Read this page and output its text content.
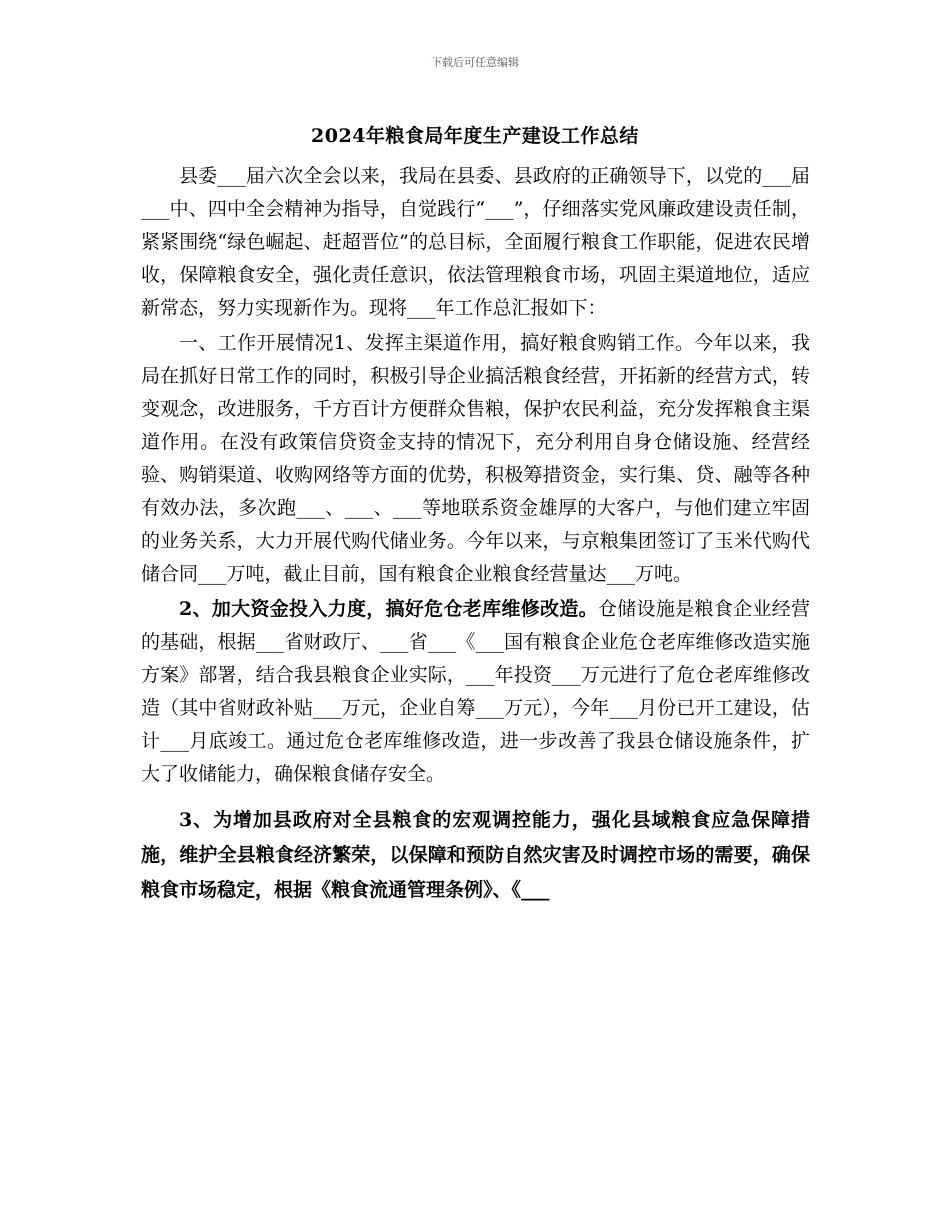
下载后可任意编辑
2024年粮食局年度生产建设工作总结

县委___届六次全会以来，我局在县委、县政府的正确领导下，以党的___届___中、四中全会精神为指导，自觉践行“___”，仔细落实党风廉政建设责任制，紧紧围绕“绿色崛起、赶超晋位”的总目标，全面履行粮食工作职能，促进农民增收，保障粮食安全，强化责任意识，依法管理粮食市场，巩固主渠道地位，适应新常态，努力实现新作为。现将___年工作总汇报如下：

一、工作开展情况1、发挥主渠道作用，搞好粮食购销工作。今年以来，我局在抓好日常工作的同时，积极引导企业搞活粮食经营，开拓新的经营方式，转变观念，改进服务，千方百计方便群众售粮，保护农民利益，充分发挥粮食主渠道作用。在没有政策信贷资金支持的情况下，充分利用自身仓储设施、经营经验、购销渠道、收购网络等方面的优势，积极筹措资金，实行集、贷、融等各种有效办法，多次跑___、___、___等地联系资金雄厚的大客户，与他们建立牢固的业务关系，大力开展代购代储业务。今年以来，与京粮集团签订了玉米代购代储合同___万吨，截止目前，国有粮食企业粮食经营量达___万吨。

2、加大资金投入力度，搞好危仓老库维修改造。仓储设施是粮食企业经营的基础，根据___省财政厅、___省___《___国有粮食企业危仓老库维修改造实施方案》部署，结合我县粮食企业实际，___年投资___万元进行了危仓老库维修改造（其中省财政补贴___万元，企业自筹___万元），今年___月份已开工建设，估计___月底竣工。通过危仓老库维修改造，进一步改善了我县仓储设施条件，扩大了收储能力，确保粮食储存安全。

3、为增加县政府对全县粮食的宏观调控能力，强化县域粮食应急保障措施，维护全县粮食经济繁荣，以保障和预防自然灾害及时调控市场的需要，确保粮食市场稳定，根据《粮食流通管理条例》、《___
